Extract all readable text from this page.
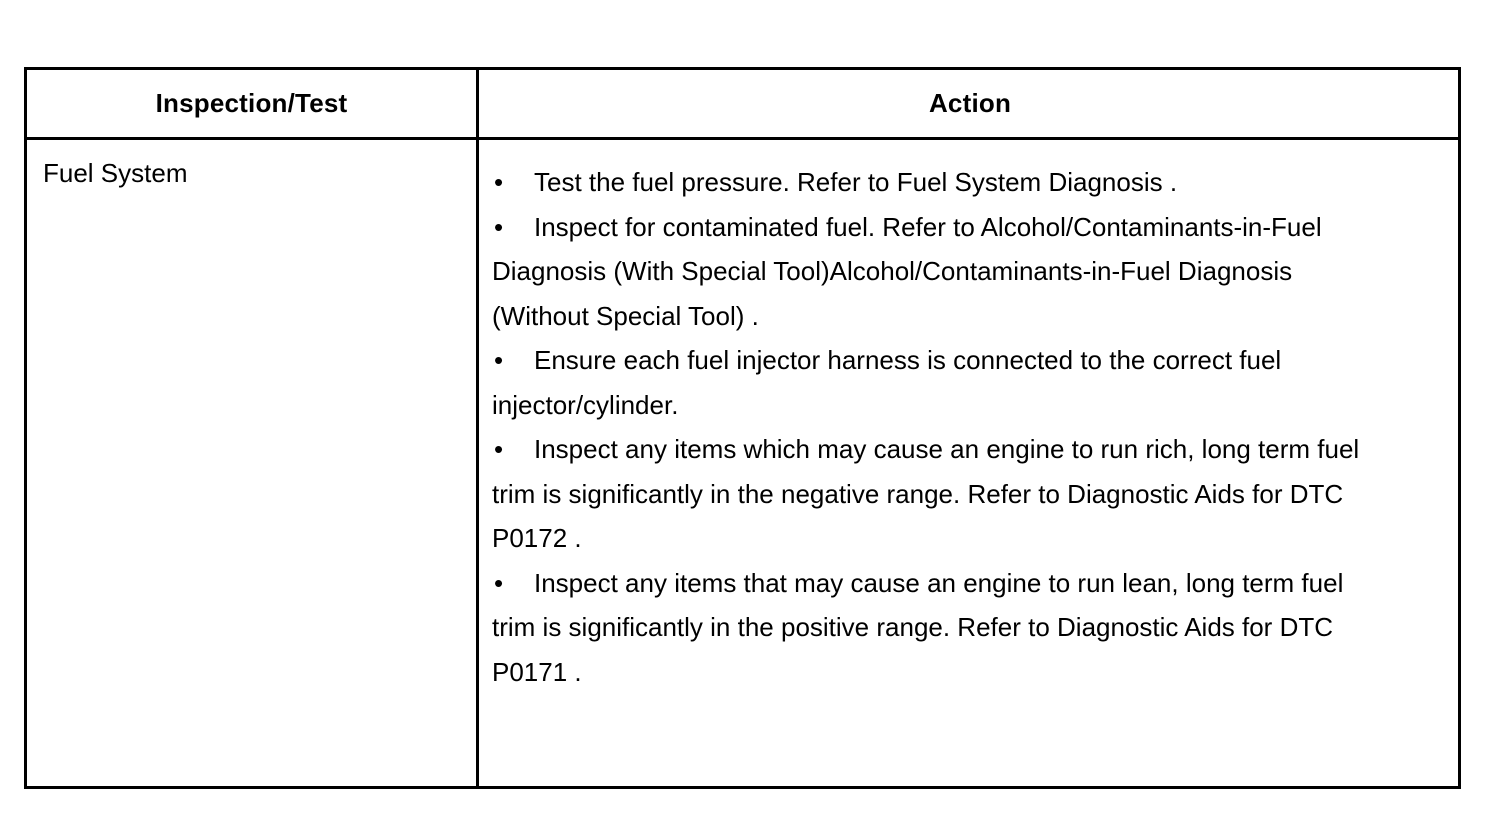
Inspection/Test	Action
Fuel System	• Test the fuel pressure. Refer to Fuel System Diagnosis .

• Inspect for contaminated fuel. Refer to Alcohol/Contaminants-in-Fuel Diagnosis (With Special Tool)Alcohol/Contaminants-in-Fuel Diagnosis (Without Special Tool) .

• Ensure each fuel injector harness is connected to the correct fuel injector/cylinder.

• Inspect any items which may cause an engine to run rich, long term fuel trim is significantly in the negative range. Refer to Diagnostic Aids for DTC P0172 .

• Inspect any items that may cause an engine to run lean, long term fuel trim is significantly in the positive range. Refer to Diagnostic Aids for DTC P0171 .
